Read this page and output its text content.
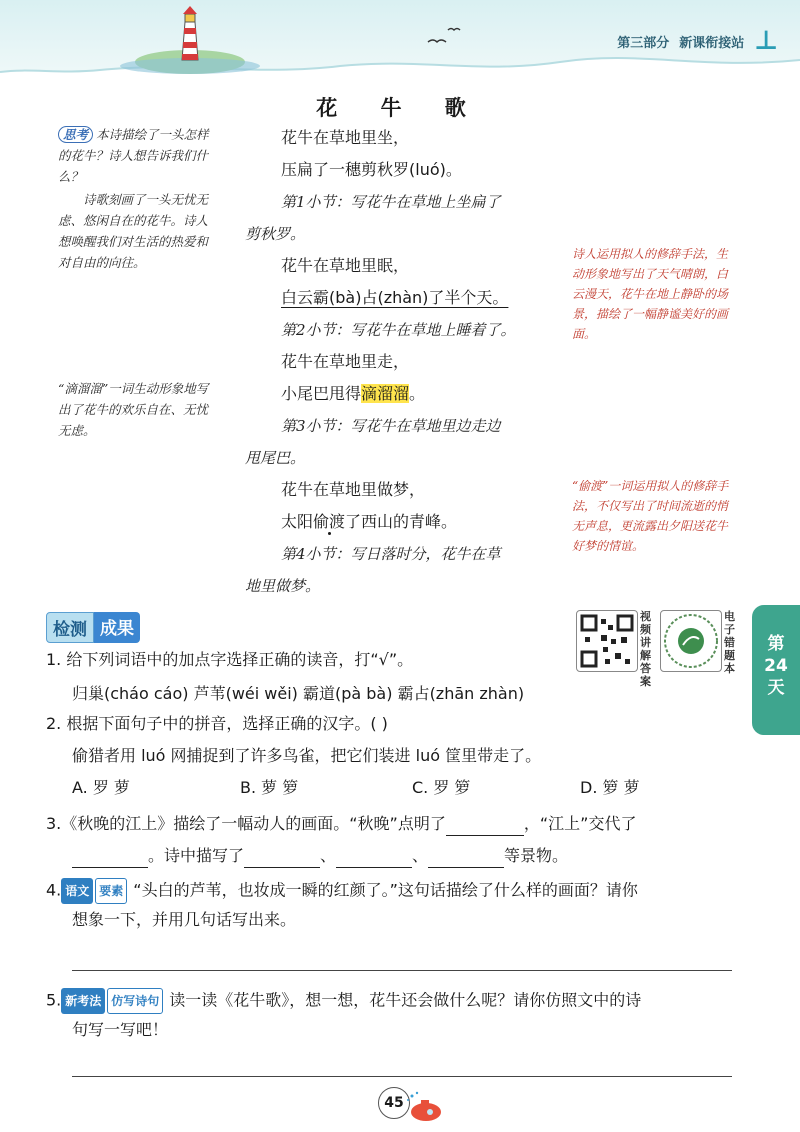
第三部分 新课衔接站 ⊥
花 牛 歌
思考 本诗描绘了一头怎样的花牛？诗人想告诉我们什么？
诗歌刻画了一头无忧无虑、悠闲自在的花牛。诗人想唤醒我们对生活的热爱和对自由的向往。
“滴溜溜”一词生动形象地写出了花牛的欢乐自在、无忧无虑。
诗人运用拟人的修辞手法，生动形象地写出了天气晴朗，白云漫天，花牛在地上静卧的场景，描绘了一幅静谧美好的画面。
“偷渡”一词运用拟人的修辞手法，不仅写出了时间流逝的悄无声息，更流露出夕阳送花牛好梦的情谊。
花牛在草地里坐，
压扁了一穗剪秋罗(luó)。
第1小节：写花牛在草地上坐扁了
剪秋罗。
花牛在草地里眠，
白云霸(bà)占(zhàn)了半个天。
第2小节：写花牛在草地上睡着了。
花牛在草地里走，
小尾巴甩得滴溜溜。
第3小节：写花牛在草地里边走边
甩尾巴。
花牛在草地里做梦，
太阳偷渡了西山的青峰。
第4小节：写日落时分，花牛在草
地里做梦。
检测 成果
视频讲解答案
电子错题本
第
24
天
1. 给下列词语中的加点字选择正确的读音，打“√”。
归巢(cháo cáo) 芦苇(wéi wěi) 霸道(pà bà) 霸占(zhān zhàn)
2. 根据下面句子中的拼音，选择正确的汉字。( )
偷猎者用 luó 网捕捉到了许多鸟雀，把它们装进 luó 筐里带走了。
A. 罗 萝	B. 萝 箩	C. 罗 箩	D. 箩 萝
3.《秋晚的江上》描绘了一幅动人的画面。“秋晚”点明了	，“江上”交代了
。诗中描写了	、	、	等景物。
4. 语文 要素 “头白的芦苇，也妆成一瞬的红颜了。”这句话描绘了什么样的画面？请你
想象一下，并用几句话写出来。
5. 新考法 仿写诗句 读一读《花牛歌》，想一想，花牛还会做什么呢？请你仿照文中的诗
句写一写吧！
45
